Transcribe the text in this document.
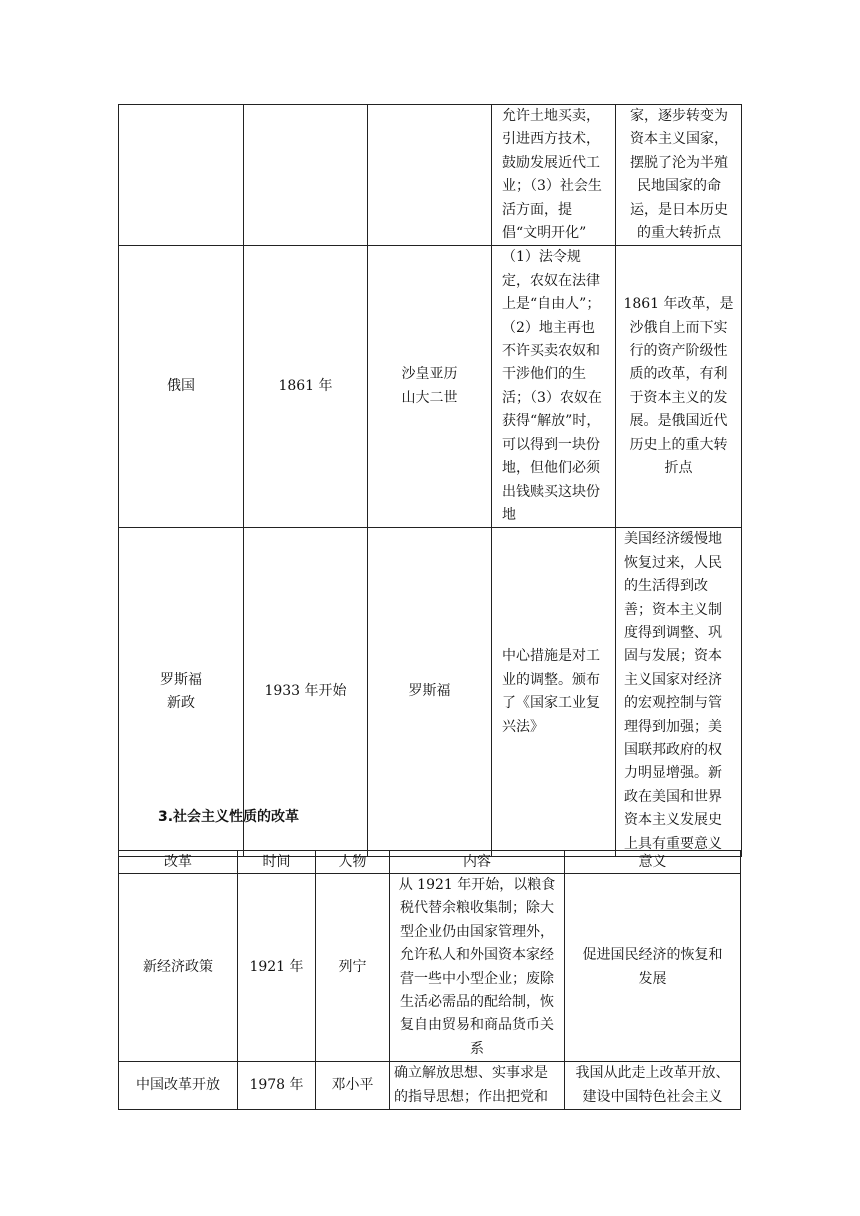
			允许土地买卖，引进西方技术，鼓励发展近代工业；（3）社会生活方面，提倡“文明开化”	家，逐步转变为资本主义国家，摆脱了沦为半殖民地国家的命运，是日本历史的重大转折点
俄国	1861 年	沙皇亚历山大二世	（1）法令规定，农奴在法律上是“自由人”；（2）地主再也不许买卖农奴和干涉他们的生活；（3）农奴在获得“解放”时，可以得到一块份地，但他们必须出钱赎买这块份地	1861 年改革，是沙俄自上而下实行的资产阶级性质的改革，有利于资本主义的发展。是俄国近代历史上的重大转折点
罗斯福新政	1933 年开始	罗斯福	中心措施是对工业的调整。颁布了《国家工业复兴法》	美国经济缓慢地恢复过来，人民的生活得到改善；资本主义制度得到调整、巩固与发展；资本主义国家对经济的宏观控制与管理得到加强；美国联邦政府的权力明显增强。新政在美国和世界资本主义发展史上具有重要意义
3.社会主义性质的改革
改革	时间	人物	内容	意义
新经济政策	1921 年	列宁	从 1921 年开始，以粮食税代替余粮收集制；除大型企业仍由国家管理外，允许私人和外国资本家经营一些中小型企业；废除生活必需品的配给制，恢复自由贸易和商品货币关系	促进国民经济的恢复和发展
中国改革开放	1978 年	邓小平	确立解放思想、实事求是的指导思想；作出把党和	我国从此走上改革开放、建设中国特色社会主义
